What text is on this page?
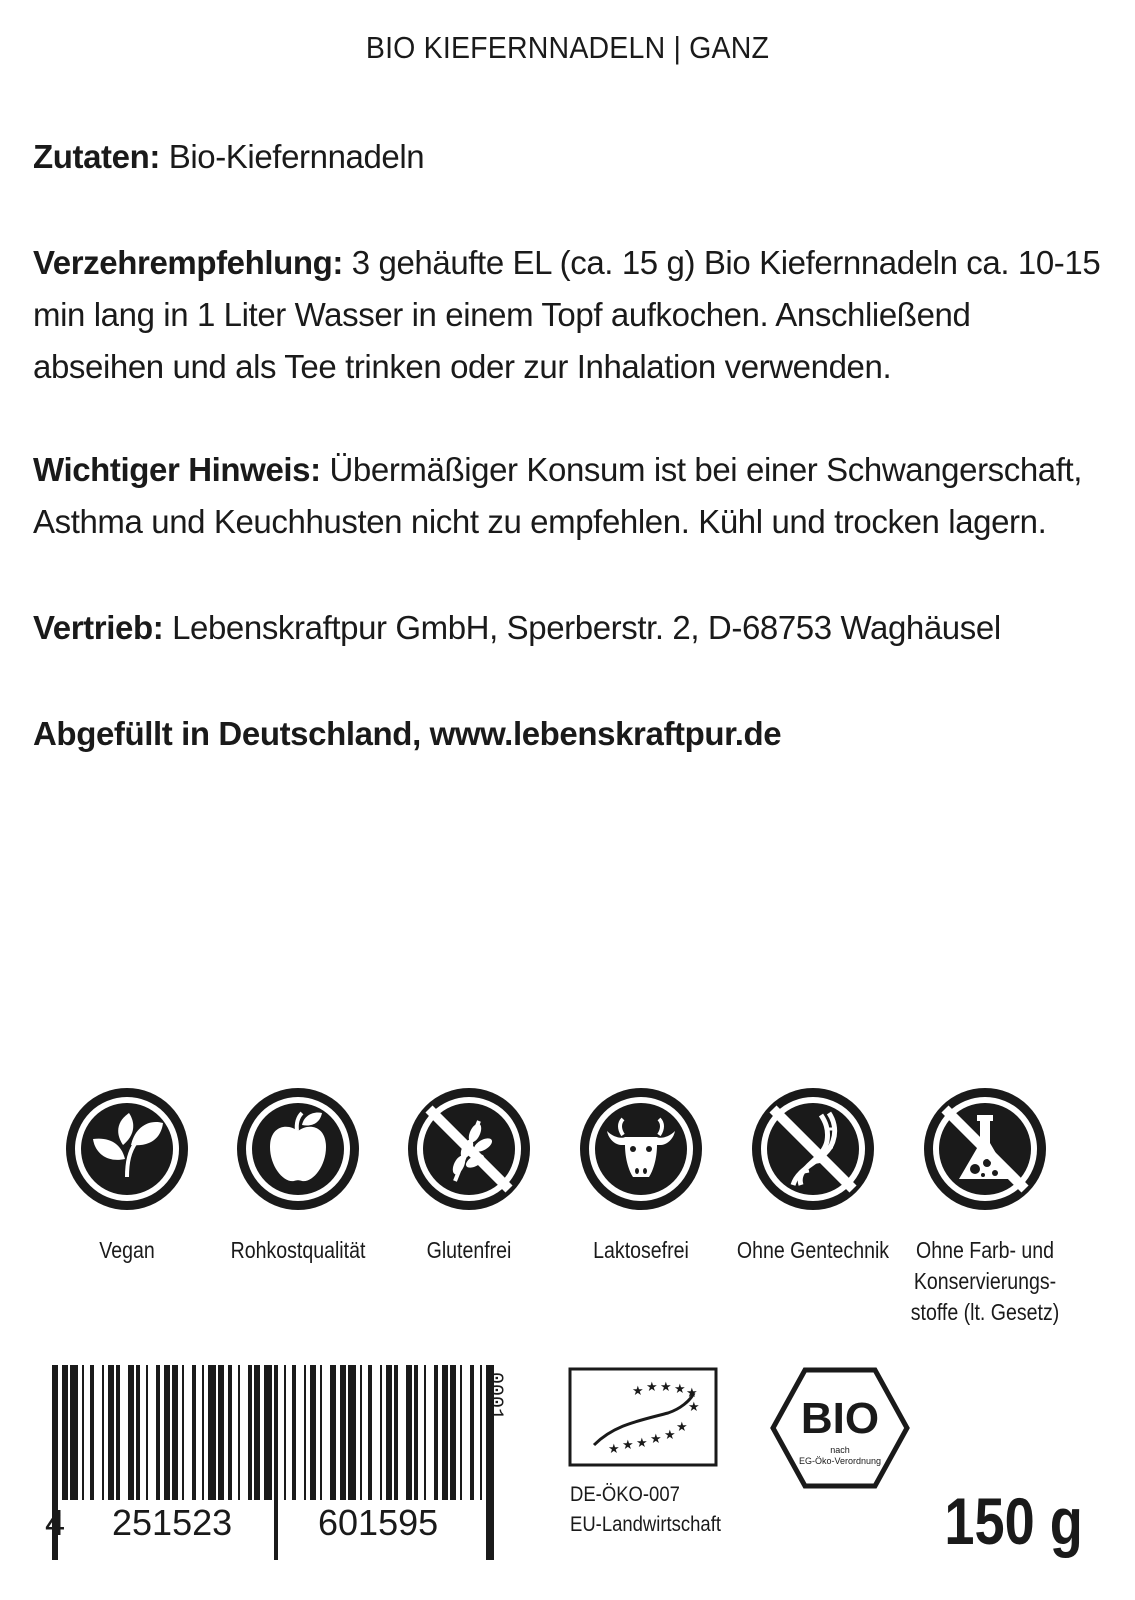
BIO KIEFERNNADELN | GANZ
Zutaten: Bio-Kiefernnadeln
Verzehrempfehlung: 3 gehäufte EL (ca. 15 g) Bio Kiefernnadeln ca. 10-15 min lang in 1 Liter Wasser in einem Topf aufkochen. Anschließend abseihen und als Tee trinken oder zur Inhalation verwenden.
Wichtiger Hinweis: Übermäßiger Konsum ist bei einer Schwangerschaft, Asthma und Keuchhusten nicht zu empfehlen. Kühl und trocken lagern.
Vertrieb: Lebenskraftpur GmbH, Sperberstr. 2, D-68753 Waghäusel
Abgefüllt in Deutschland, www.lebenskraftpur.de
Vegan	Rohkostqualität	Glutenfrei	Laktosefrei	Ohne Gentechnik	Ohne Farb- und Konservierungs-stoffe (lt. Gesetz)
4 251523 601595
0001	★ ★ ★ ★
★
★
★ ★ ★ ★ ★
★
DE-ÖKO-007
EU-Landwirtschaft
BIO
nach
EG-Öko-Verordnung
150 g
